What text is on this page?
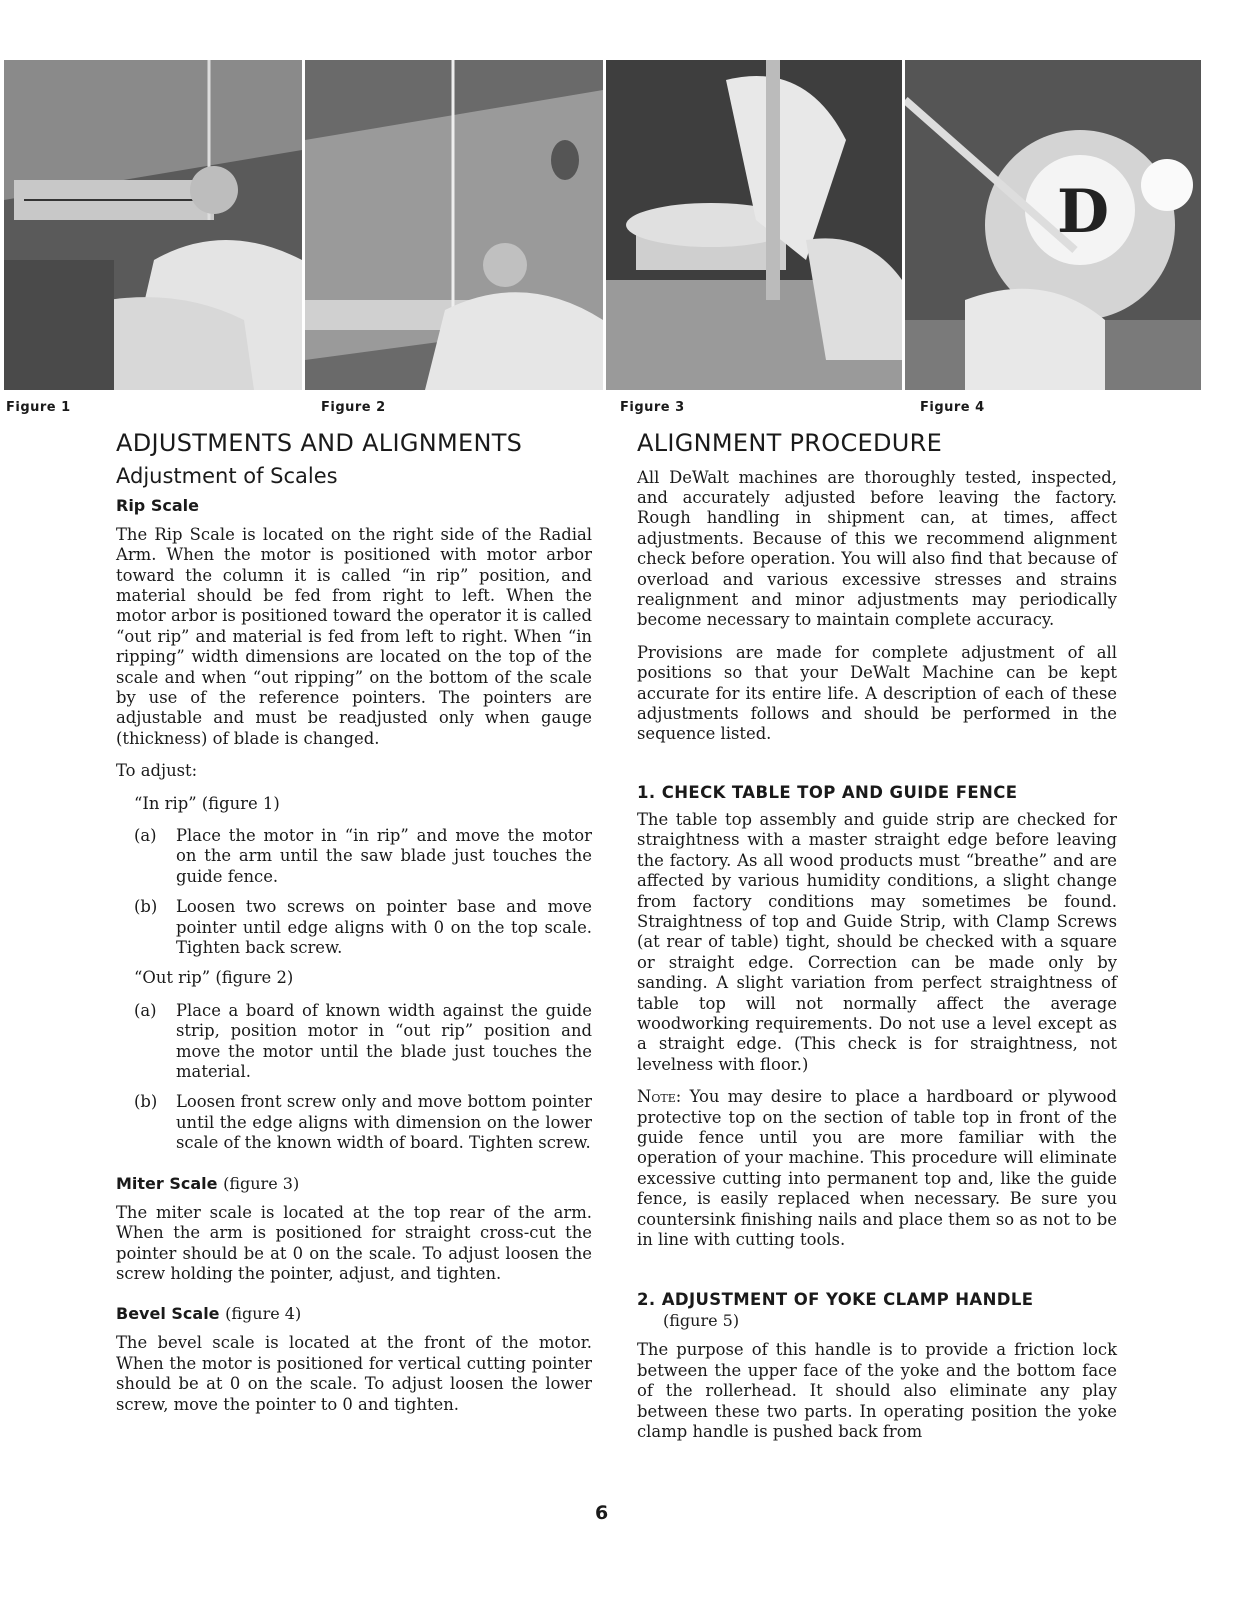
D
Figure 1	Figure 2	Figure 3	Figure 4
ADJUSTMENTS AND ALIGNMENTS
Adjustment of Scales
Rip Scale

The Rip Scale is located on the right side of the Radial Arm. When the motor is positioned with motor arbor toward the column it is called “in rip” position, and material should be fed from right to left. When the motor arbor is positioned toward the operator it is called “out rip” and material is fed from left to right. When “in ripping” width dimensions are located on the top of the scale and when “out ripping” on the bottom of the scale by use of the reference pointers. The pointers are adjustable and must be readjusted only when gauge (thickness) of blade is changed.

To adjust:

“In rip” (figure 1)

(a)	Place the motor in “in rip” and move the motor on the arm until the saw blade just touches the guide fence.
(b)	Loosen two screws on pointer base and move pointer until edge aligns with 0 on the top scale. Tighten back screw.

“Out rip” (figure 2)

(a)	Place a board of known width against the guide strip, position motor in “out rip” position and move the motor until the blade just touches the material.
(b)	Loosen front screw only and move bottom pointer until the edge aligns with dimension on the lower scale of the known width of board. Tighten screw.
Miter Scale (figure 3)

The miter scale is located at the top rear of the arm. When the arm is positioned for straight cross-cut the pointer should be at 0 on the scale. To adjust loosen the screw holding the pointer, adjust, and tighten.

Bevel Scale (figure 4)

The bevel scale is located at the front of the motor. When the motor is positioned for vertical cutting pointer should be at 0 on the scale. To adjust loosen the lower screw, move the pointer to 0 and tighten.

ALIGNMENT PROCEDURE

All DeWalt machines are thoroughly tested, inspected, and accurately adjusted before leaving the factory. Rough handling in shipment can, at times, affect adjustments. Because of this we recommend alignment check before operation. You will also find that because of overload and various excessive stresses and strains realignment and minor adjustments may periodically become necessary to maintain complete accuracy.

Provisions are made for complete adjustment of all positions so that your DeWalt Machine can be kept accurate for its entire life. A description of each of these adjustments follows and should be performed in the sequence listed.

1. CHECK TABLE TOP AND GUIDE FENCE

The table top assembly and guide strip are checked for straightness with a master straight edge before leaving the factory. As all wood products must “breathe” and are affected by various humidity conditions, a slight change from factory conditions may sometimes be found. Straightness of top and Guide Strip, with Clamp Screws (at rear of table) tight, should be checked with a square or straight edge. Correction can be made only by sanding. A slight variation from perfect straightness of table top will not normally affect the average woodworking requirements. Do not use a level except as a straight edge. (This check is for straightness, not levelness with floor.)

Note: You may desire to place a hardboard or plywood protective top on the section of table top in front of the guide fence until you are more familiar with the operation of your machine. This procedure will eliminate excessive cutting into permanent top and, like the guide fence, is easily replaced when necessary. Be sure you countersink finishing nails and place them so as not to be in line with cutting tools.

2. ADJUSTMENT OF YOKE CLAMP HANDLE
(figure 5)

The purpose of this handle is to provide a friction lock between the upper face of the yoke and the bottom face of the rollerhead. It should also eliminate any play between these two parts. In operating position the yoke clamp handle is pushed back from

6
